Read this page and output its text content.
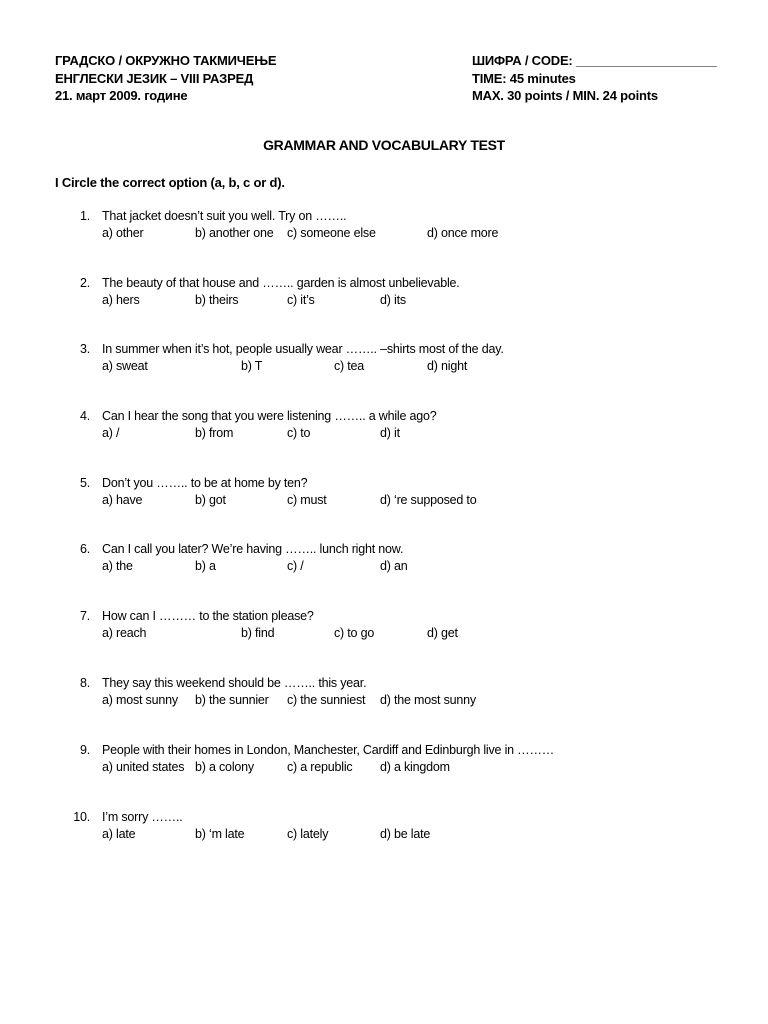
ГРАДСКО / ОКРУЖНО ТАКМИЧЕЊЕ
ЕНГЛЕСКИ ЈЕЗИК – VIII РАЗРЕД
21. март 2009. године
ШИФРА / CODE: ____________________
TIME: 45 minutes
MAX. 30 points / MIN. 24 points
GRAMMAR AND VOCABULARY TEST
I Circle the correct option (a, b, c or d).
1. That jacket doesn’t suit you well. Try on ……..
a) other	b) another one c) someone else	d) once more
2. The beauty of that house and …….. garden is almost unbelievable.
a) hers	b) theirs	c) it’s	d) its
3. In summer when it’s hot, people usually wear …….. –shirts most of the day.
a) sweat	b) T	c) tea	d) night
4. Can I hear the song that you were listening …….. a while ago?
a) /	b) from	c) to	d) it
5. Don’t you …….. to be at home by ten?
a) have	b) got	c) must	d) ‘re supposed to
6. Can I call you later? We’re having …….. lunch right now.
a) the	b) a	c) /	d) an
7. How can I ……… to the station please?
a) reach	b) find	c) to go	d) get
8. They say this weekend should be …….. this year.
a) most sunny b) the sunnier c) the sunniest d) the most sunny
9. People with their homes in London, Manchester, Cardiff and Edinburgh live in ………
a) united states b) a colony	c) a republic d) a kingdom
10. I’m sorry ……..
a) late	b) ‘m late	c) lately	d) be late
